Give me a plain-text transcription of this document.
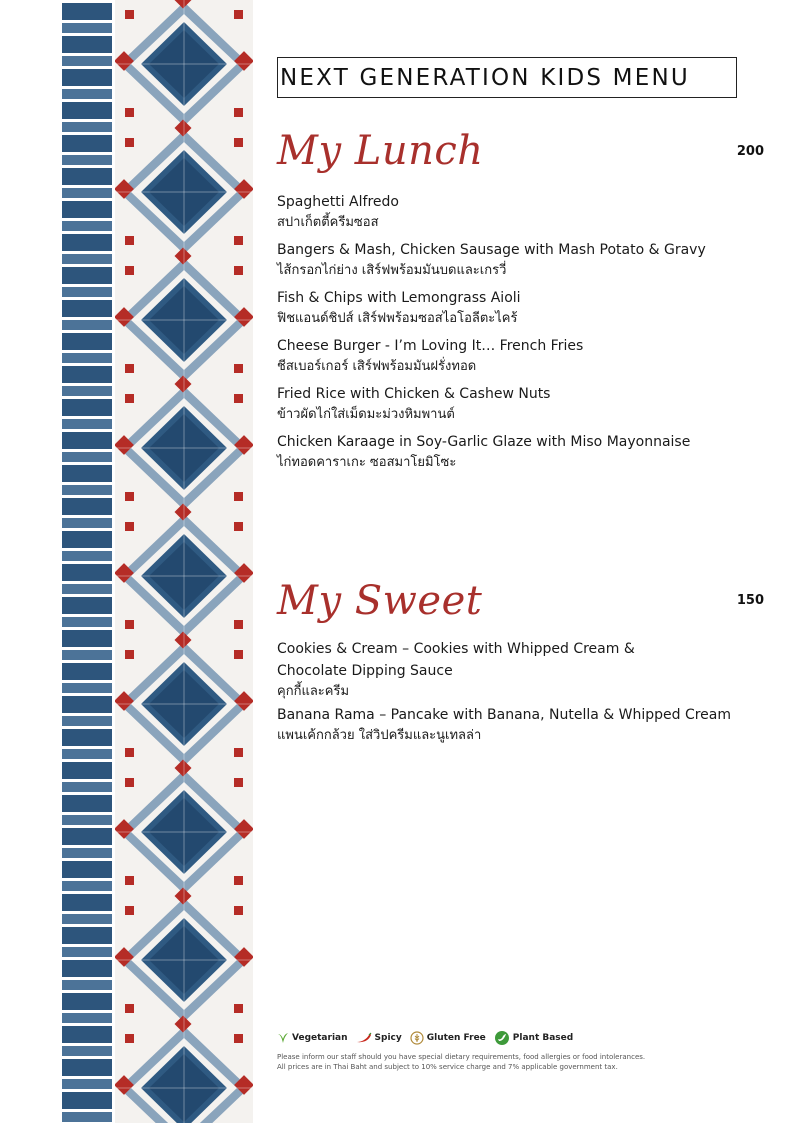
NEXT GENERATION KIDS MENU
My Lunch	200
Spaghetti Alfredo
สปาเก็ตตี้ครีมซอส
Bangers & Mash, Chicken Sausage with Mash Potato & Gravy
ไส้กรอกไก่ย่าง เสิร์ฟพร้อมมันบดและเกรวี่
Fish & Chips with Lemongrass Aioli
ฟิชแอนด์ชิปส์ เสิร์ฟพร้อมซอสไอโอลีตะไคร้
Cheese Burger - I’m Loving It… French Fries
ชีสเบอร์เกอร์ เสิร์ฟพร้อมมันฝรั่งทอด
Fried Rice with Chicken & Cashew Nuts
ข้าวผัดไก่ใส่เม็ดมะม่วงหิมพานต์
Chicken Karaage in Soy-Garlic Glaze with Miso Mayonnaise
ไก่ทอดคาราเกะ ซอสมาโยมิโซะ
My Sweet	150
Cookies & Cream – Cookies with Whipped Cream & Chocolate Dipping Sauce
คุกกี้และครีม
Banana Rama – Pancake with Banana, Nutella & Whipped Cream
แพนเค้กกล้วย ใส่วิปครีมและนูเทลล่า
Vegetarian	Spicy	Gluten Free	Plant Based
Please inform our staff should you have special dietary requirements, food allergies or food intolerances.
All prices are in Thai Baht and subject to 10% service charge and 7% applicable government tax.
